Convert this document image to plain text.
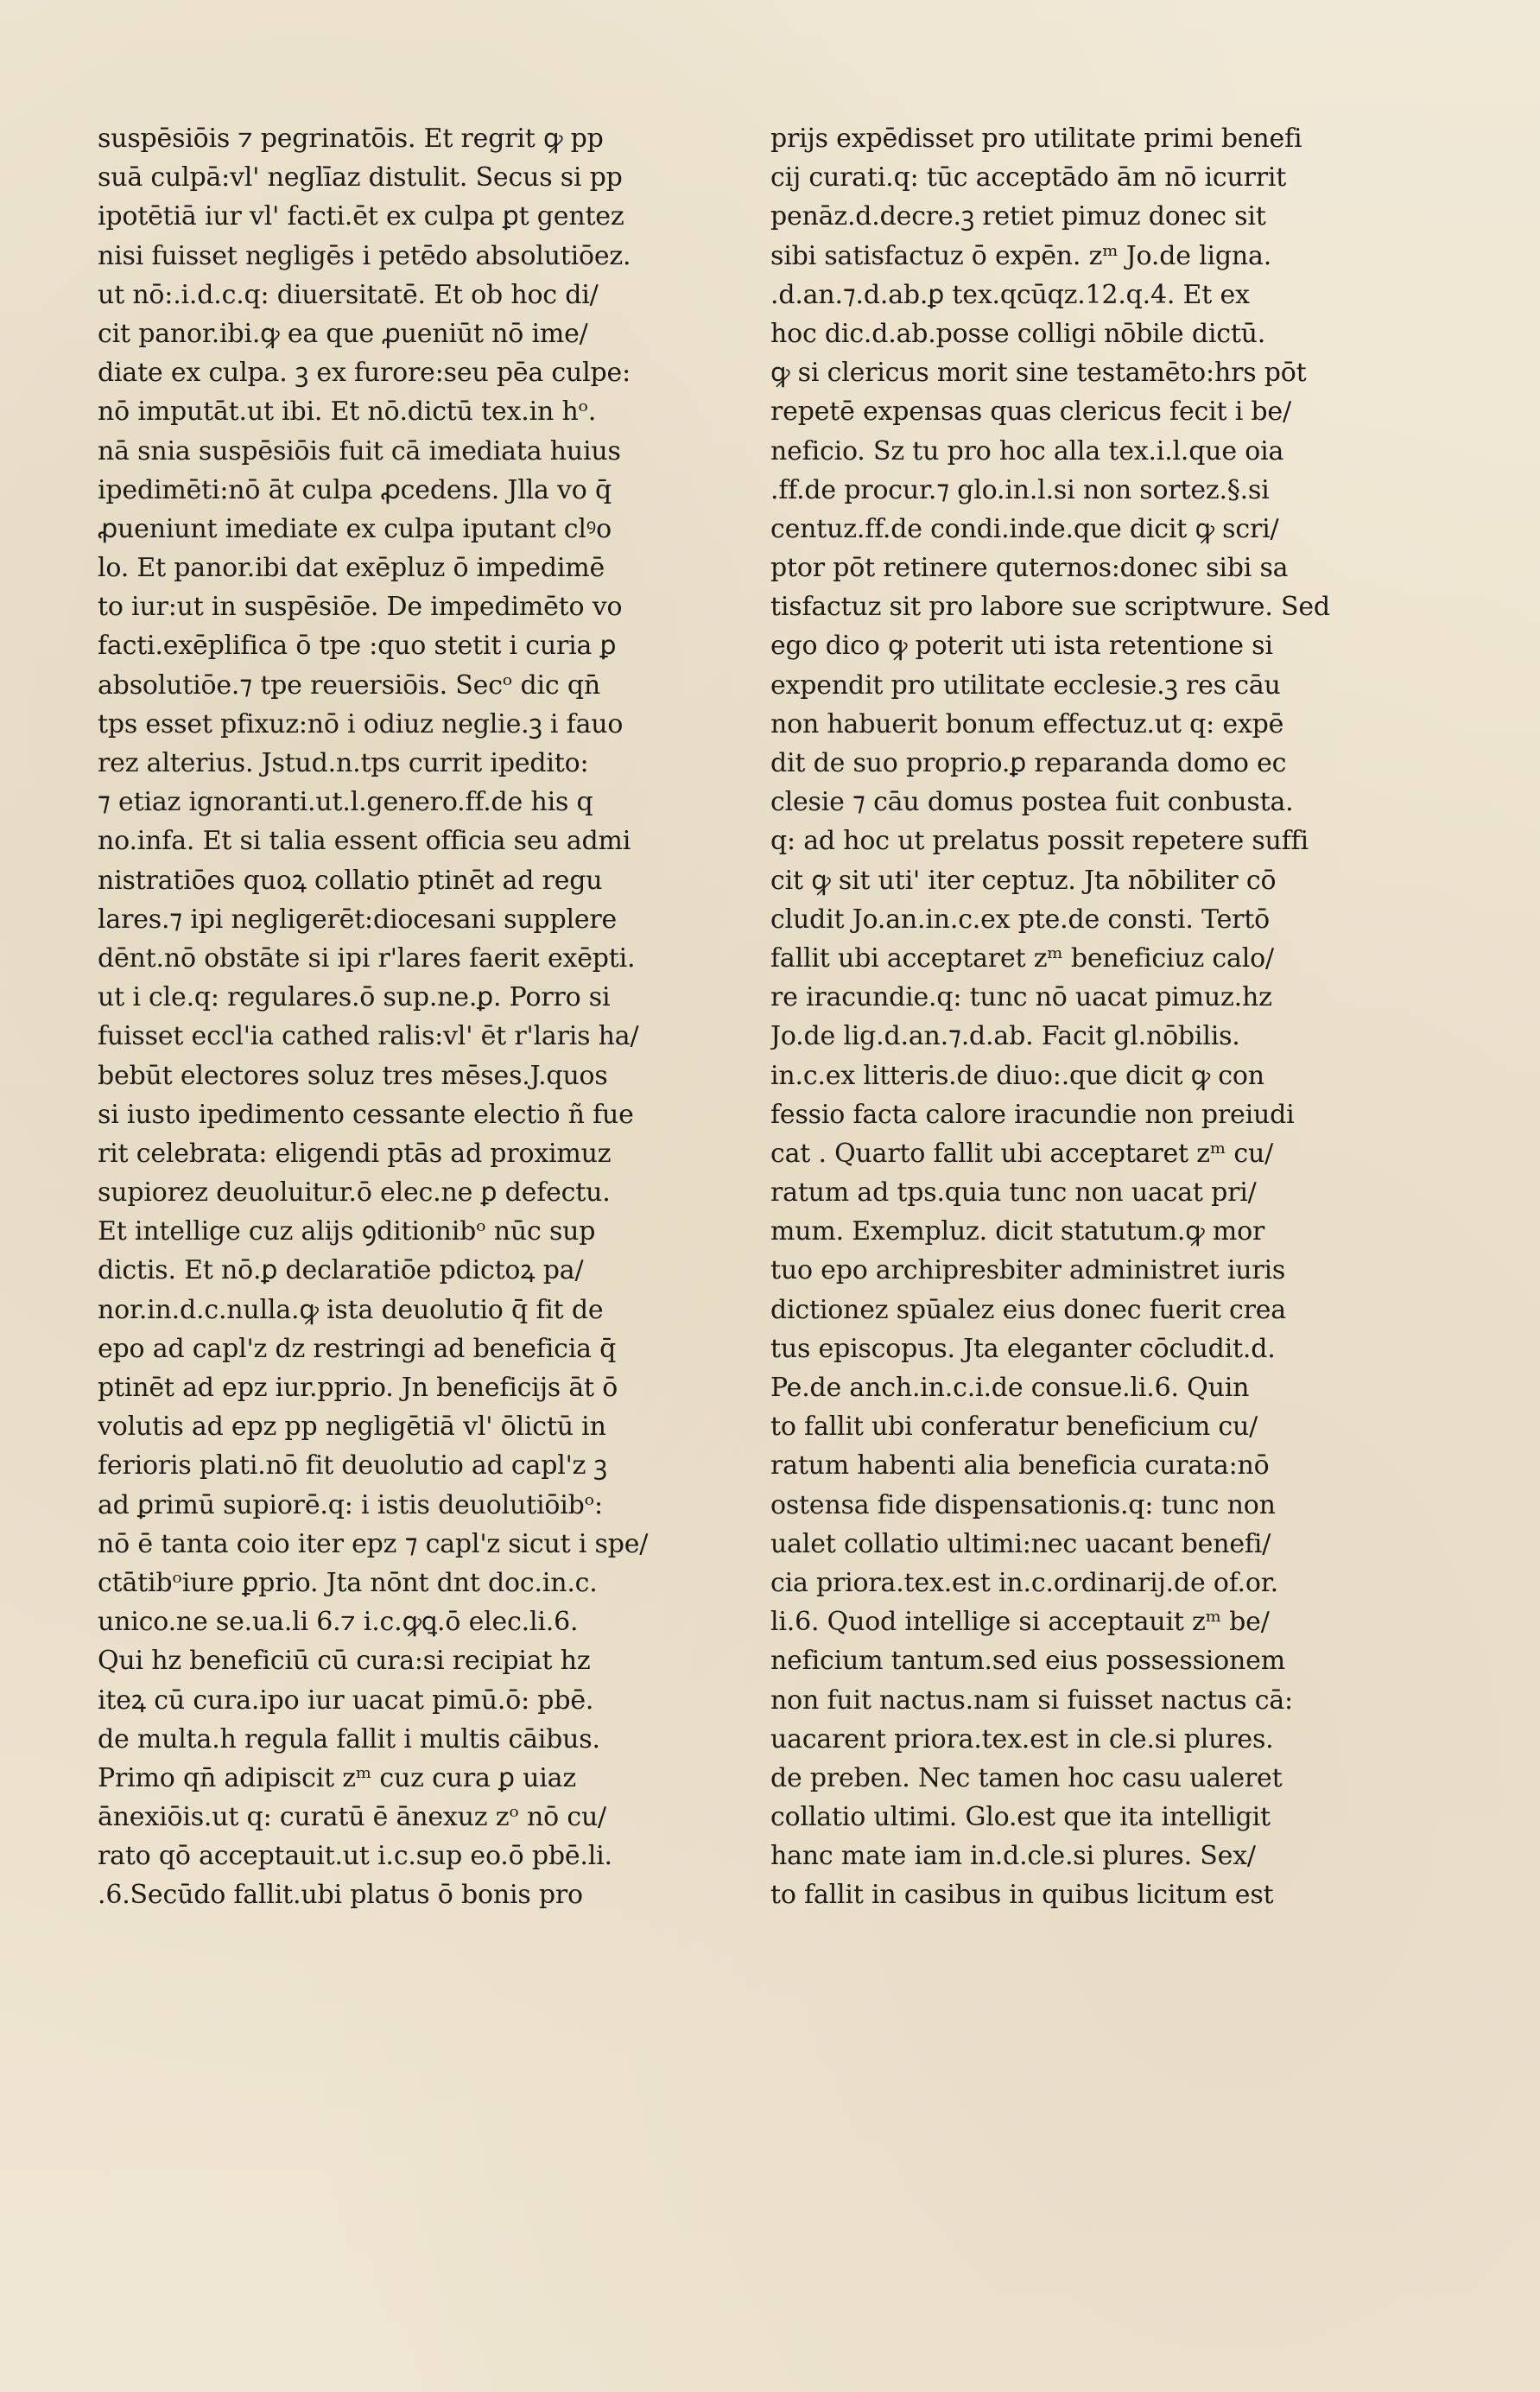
suspēsiōis ⁊ pegrinatōis. Et regrit ꝙ pp
suā culpā:vl' neglīaz distulit. Secus si pp
ipotētiā iur vl' facti.ēt ex culpa ꝑt gentez
nisi fuisset negligēs i petēdo absolutiōez.
ut nō:.i.d.c.q: diuersitatē. Et ob hoc di/
cit panor.ibi.ꝙ ea que ꝓueniūt nō ime/
diate ex culpa. ꝫ ex furore:seu pēa culpe:
nō imputāt.ut ibi. Et nō.dictū tex.in hᵒ.
nā snia suspēsiōis fuit cā imediata huius
ipedimēti:nō āt culpa ꝓcedens. Jlla vo q̄
ꝓueniunt imediate ex culpa iputant clꝰo
lo. Et panor.ibi dat exēpluz ō impedimē
to iur:ut in suspēsiōe. De impedimēto vo
facti.exēplifica ō tpe :quo stetit i curia ꝑ
absolutiōe.⁊ tpe reuersiōis. Secᵒ dic qn̄
tps esset pfixuz:nō i odiuz neglie.ꝫ i fauo
rez alterius. Jstud.n.tps currit ipedito:
⁊ etiaz ignoranti.ut.l.genero.ff.de his q
no.infa. Et si talia essent officia seu admi
nistratiōes quoꝝ collatio ptinēt ad regu
lares.⁊ ipi negligerēt:diocesani supplere
dēnt.nō obstāte si ipi r'lares faerit exēpti.
ut i cle.q: regulares.ō sup.ne.ꝑ. Porro si
fuisset eccl'ia cathed ralis:vl' ēt r'laris ha/
bebūt electores soluz tres mēses.J.quos
si iusto ipedimento cessante electio ñ fue
rit celebrata: eligendi ptās ad proximuz
supiorez deuoluitur.ō elec.ne ꝑ defectu.
Et intellige cuz alijs ꝯditionibᵒ nūc sup
dictis. Et nō.ꝑ declaratiōe pdictoꝝ pa/
nor.in.d.c.nulla.ꝙ ista deuolutio q̄ fit de
epo ad capl'z dz restringi ad beneficia q̄
ptinēt ad epz iur.pprio. Jn beneficijs āt ō
volutis ad epz pp negligētiā vl' ōlictū in
ferioris plati.nō fit deuolutio ad capl'z ꝫ
ad ꝑrimū supiorē.q: i istis deuolutiōibᵒ:
nō ē tanta coio iter epz ⁊ capl'z sicut i spe/
ctātibᵒiure ꝑprio. Jta nōnt dnt doc.in.c.
unico.ne se.ua.li 6.⁊ i.c.ꝙꝗ.ō elec.li.6.
Qui hz beneficiū cū cura:si recipiat hz
iteꝝ cū cura.ipo iur uacat pimū.ō: pbē.
de multa.h regula fallit i multis cāibus.
Primo qn̄ adipiscit zᵐ cuz cura ꝑ uiaz
ānexiōis.ut q: curatū ē ānexuz zᵒ nō cu/
rato qō acceptauit.ut i.c.sup eo.ō pbē.li.
.6.Secūdo fallit.ubi platus ō bonis pro
prijs expēdisset pro utilitate primi benefi
cij curati.q: tūc acceptādo ām nō icurrit
penāz.d.decre.ꝫ retiet pimuz donec sit
sibi satisfactuz ō expēn. zᵐ Jo.de ligna.
.d.an.⁊.d.ab.ꝑ tex.qcūqz.12.q.4. Et ex
hoc dic.d.ab.posse colligi nōbile dictū.
ꝙ si clericus morit sine testamēto:hrs pōt
repetē expensas quas clericus fecit i be/
neficio. Sz tu pro hoc alla tex.i.l.que oia
.ff.de procur.⁊ glo.in.l.si non sortez.§.si
centuz.ff.de condi.inde.que dicit ꝙ scri/
ptor pōt retinere quternos:donec sibi sa
tisfactuz sit pro labore sue scriptwure. Sed
ego dico ꝙ poterit uti ista retentione si
expendit pro utilitate ecclesie.ꝫ res cāu
non habuerit bonum effectuz.ut q: expē
dit de suo proprio.ꝑ reparanda domo ec
clesie ⁊ cāu domus postea fuit conbusta.
q: ad hoc ut prelatus possit repetere suffi
cit ꝙ sit uti' iter ceptuz. Jta nōbiliter cō
cludit Jo.an.in.c.ex pte.de consti. Tertō
fallit ubi acceptaret zᵐ beneficiuz calo/
re iracundie.q: tunc nō uacat pimuz.hz
Jo.de lig.d.an.⁊.d.ab. Facit gl.nōbilis.
in.c.ex litteris.de diuo:.que dicit ꝙ con
fessio facta calore iracundie non preiudi
cat . Quarto fallit ubi acceptaret zᵐ cu/
ratum ad tps.quia tunc non uacat pri/
mum. Exempluz. dicit statutum.ꝙ mor
tuo epo archipresbiter administret iuris
dictionez spūalez eius donec fuerit crea
tus episcopus. Jta eleganter cōcludit.d.
Pe.de anch.in.c.i.de consue.li.6. Quin
to fallit ubi conferatur beneficium cu/
ratum habenti alia beneficia curata:nō
ostensa fide dispensationis.q: tunc non
ualet collatio ultimi:nec uacant benefi/
cia priora.tex.est in.c.ordinarij.de of.or.
li.6. Quod intellige si acceptauit zᵐ be/
neficium tantum.sed eius possessionem
non fuit nactus.nam si fuisset nactus cā:
uacarent priora.tex.est in cle.si plures.
de preben. Nec tamen hoc casu ualeret
collatio ultimi. Glo.est que ita intelligit
hanc mate iam in.d.cle.si plures. Sex/
to fallit in casibus in quibus licitum est
